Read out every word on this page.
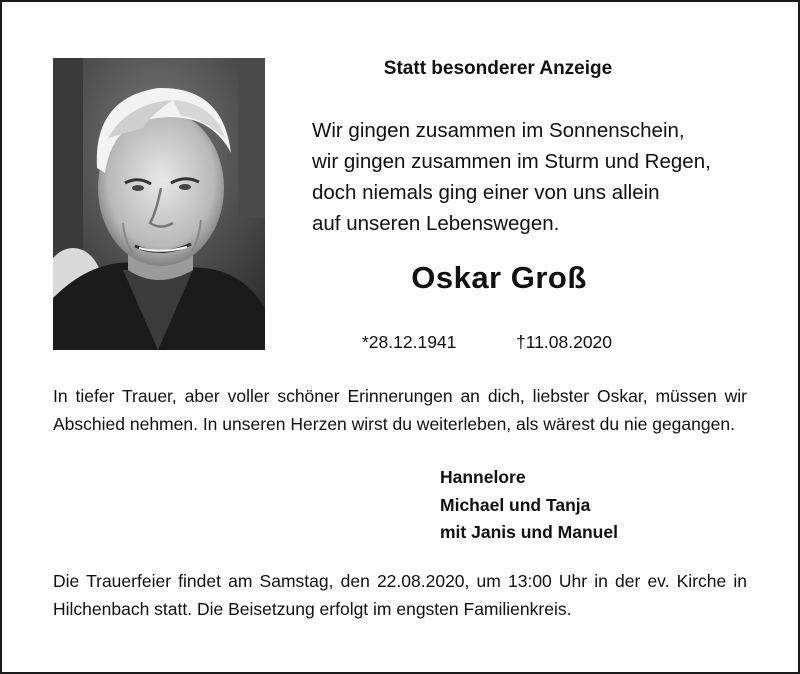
Statt besonderer Anzeige
Wir gingen zusammen im Sonnenschein,
wir gingen zusammen im Sturm und Regen,
doch niemals ging einer von uns allein
auf unseren Lebenswegen.
Oskar Groß
*28.12.1941	†11.08.2020
In tiefer Trauer, aber voller schöner Erinnerungen an dich, liebster Oskar, müssen wir Abschied nehmen. In unseren Herzen wirst du weiterleben, als wärest du nie gegangen.
Hannelore
Michael und Tanja
mit Janis und Manuel
Die Trauerfeier findet am Samstag, den 22.08.2020, um 13:00 Uhr in der ev. Kirche in Hilchenbach statt. Die Beisetzung erfolgt im engsten Familienkreis.
